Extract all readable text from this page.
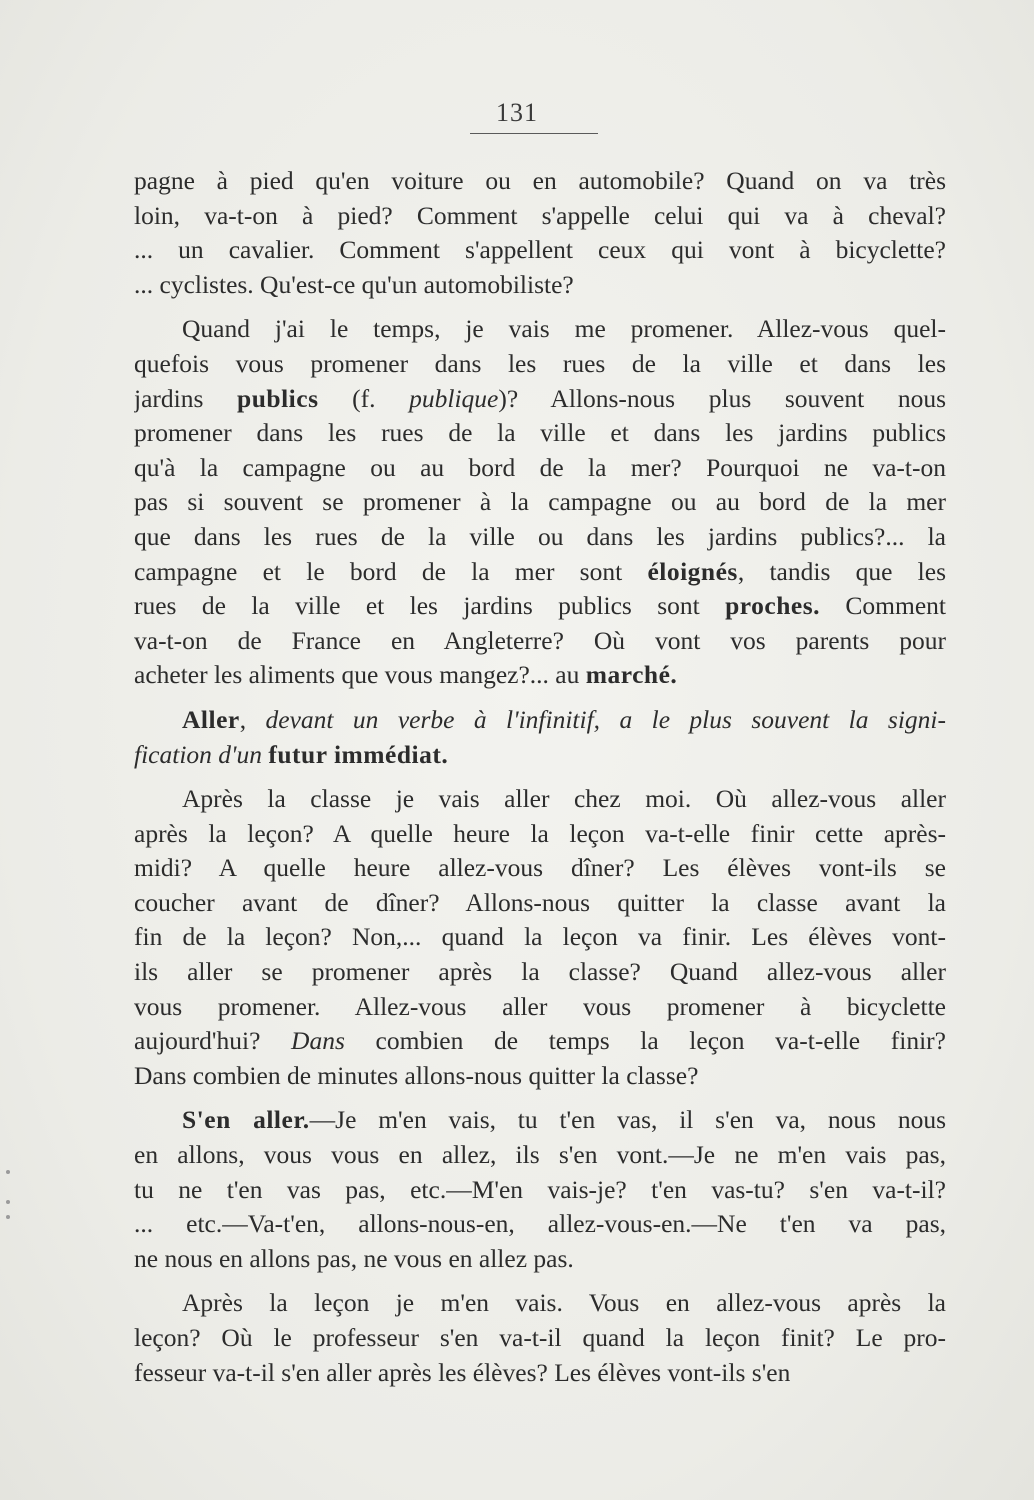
131
pagne à pied qu'en voiture ou en automobile? Quand on va très
loin, va-t-on à pied? Comment s'appelle celui qui va à cheval?
... un cavalier. Comment s'appellent ceux qui vont à bicyclette?
... cyclistes. Qu'est-ce qu'un automobiliste?
Quand j'ai le temps, je vais me promener. Allez-vous quel-
quefois vous promener dans les rues de la ville et dans les
jardins publics (f. publique)? Allons-nous plus souvent nous
promener dans les rues de la ville et dans les jardins publics
qu'à la campagne ou au bord de la mer? Pourquoi ne va-t-on
pas si souvent se promener à la campagne ou au bord de la mer
que dans les rues de la ville ou dans les jardins publics?... la
campagne et le bord de la mer sont éloignés, tandis que les
rues de la ville et les jardins publics sont proches. Comment
va-t-on de France en Angleterre? Où vont vos parents pour
acheter les aliments que vous mangez?... au marché.
Aller, devant un verbe à l'infinitif, a le plus souvent la signi-
fication d'un futur immédiat.
Après la classe je vais aller chez moi. Où allez-vous aller
après la leçon? A quelle heure la leçon va-t-elle finir cette après-
midi? A quelle heure allez-vous dîner? Les élèves vont-ils se
coucher avant de dîner? Allons-nous quitter la classe avant la
fin de la leçon? Non,... quand la leçon va finir. Les élèves vont-
ils aller se promener après la classe? Quand allez-vous aller
vous promener. Allez-vous aller vous promener à bicyclette
aujourd'hui? Dans combien de temps la leçon va-t-elle finir?
Dans combien de minutes allons-nous quitter la classe?
S'en aller.—Je m'en vais, tu t'en vas, il s'en va, nous nous
en allons, vous vous en allez, ils s'en vont.—Je ne m'en vais pas,
tu ne t'en vas pas, etc.—M'en vais-je? t'en vas-tu? s'en va-t-il?
... etc.—Va-t'en, allons-nous-en, allez-vous-en.—Ne t'en va pas,
ne nous en allons pas, ne vous en allez pas.
Après la leçon je m'en vais. Vous en allez-vous après la
leçon? Où le professeur s'en va-t-il quand la leçon finit? Le pro-
fesseur va-t-il s'en aller après les élèves? Les élèves vont-ils s'en
